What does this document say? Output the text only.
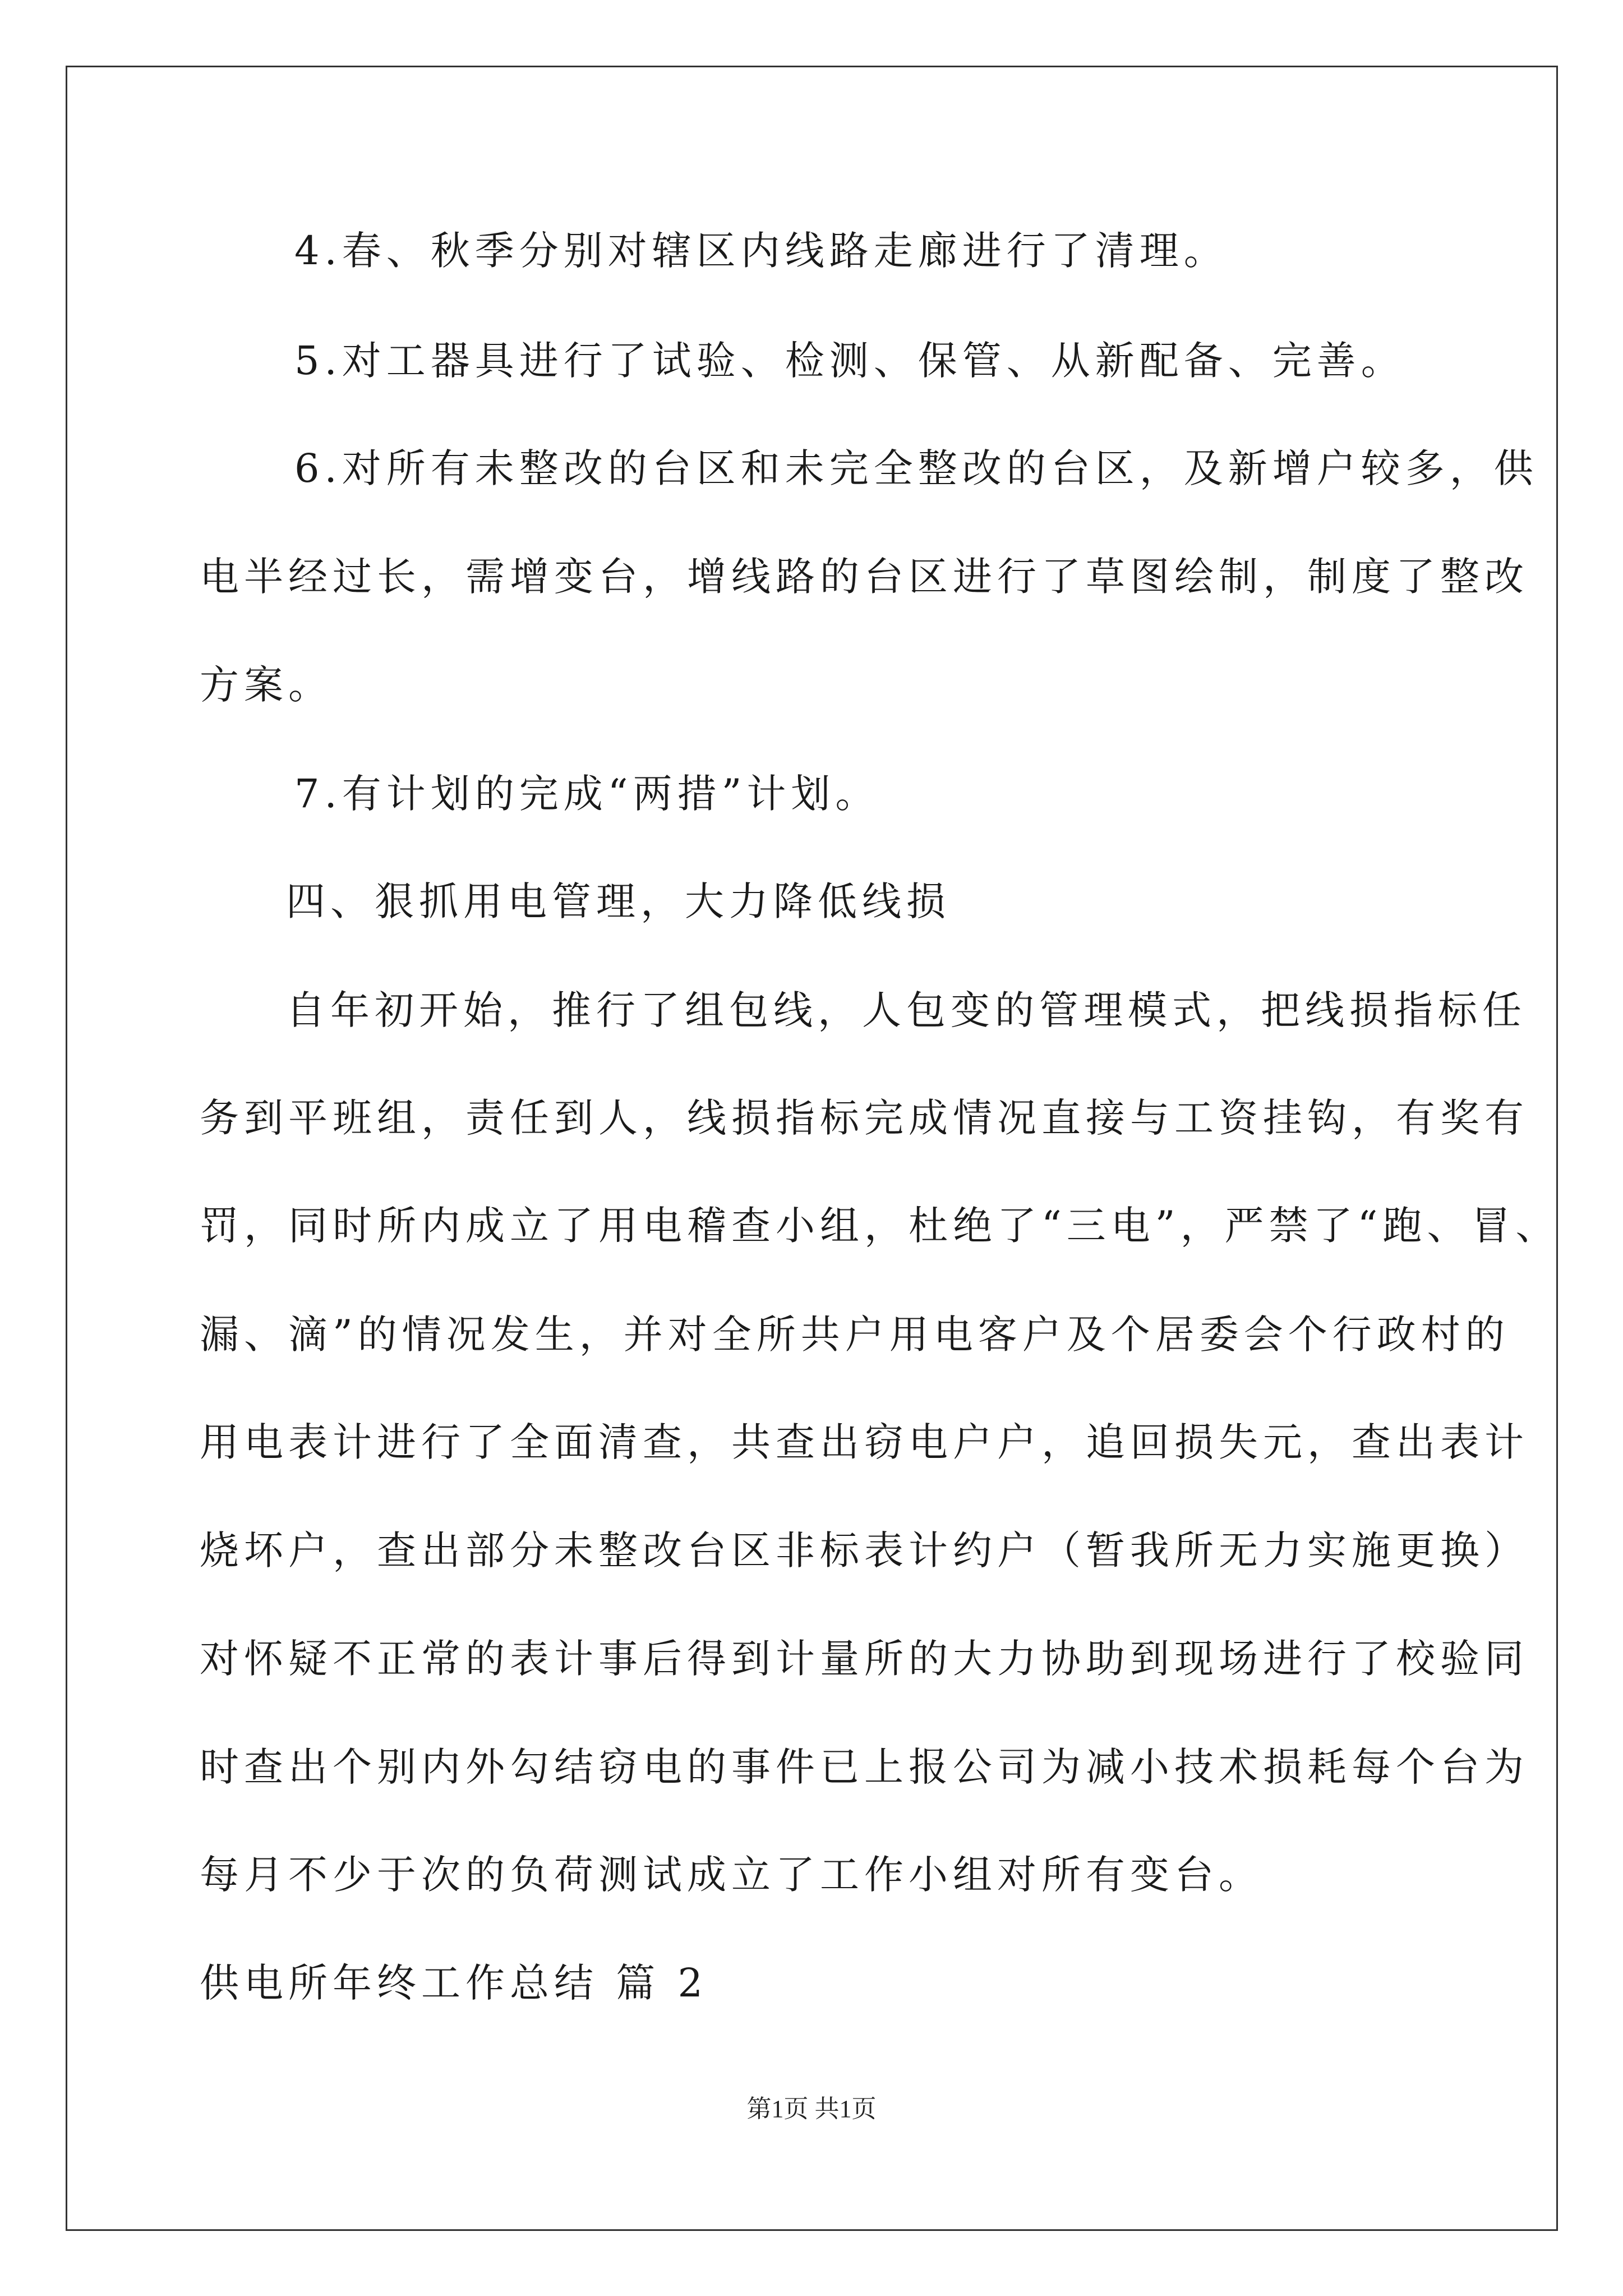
4.春、秋季分别对辖区内线路走廊进行了清理。
5.对工器具进行了试验、检测、保管、从新配备、完善。
6.对所有未整改的台区和未完全整改的台区，及新增户较多，供
电半经过长，需增变台，增线路的台区进行了草图绘制，制度了整改
方案。
7.有计划的完成“两措”计划。
四、狠抓用电管理，大力降低线损
自年初开始，推行了组包线，人包变的管理模式，把线损指标任
务到平班组，责任到人，线损指标完成情况直接与工资挂钩，有奖有
罚，同时所内成立了用电稽查小组，杜绝了“三电”，严禁了“跑、冒、
漏、滴”的情况发生，并对全所共户用电客户及个居委会个行政村的
用电表计进行了全面清查，共查出窃电户户，追回损失元，查出表计
烧坏户，查出部分未整改台区非标表计约户（暂我所无力实施更换）
对怀疑不正常的表计事后得到计量所的大力协助到现场进行了校验同
时查出个别内外勾结窃电的事件已上报公司为减小技术损耗每个台为
每月不少于次的负荷测试成立了工作小组对所有变台。
供电所年终工作总结 篇 2
第1页 共1页
